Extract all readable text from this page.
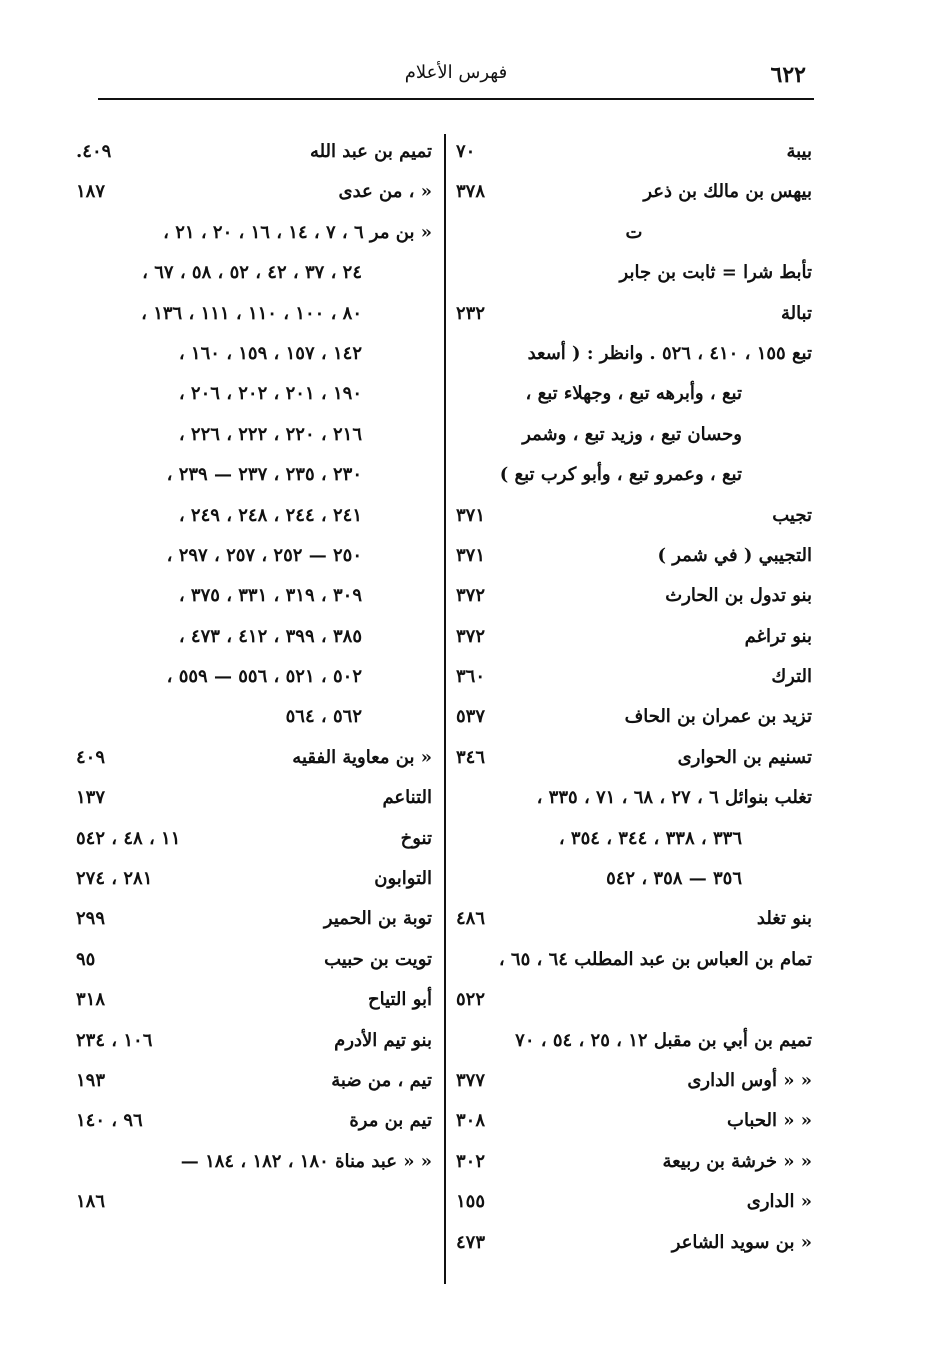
٦٢٢
فهرس الأعلام
بيبة
٧٠
بيهس بن مالك بن ذعر
٣٧٨
ت
تأبط شرا = ثابت بن جابر
تبالة
٢٣٢
تبع ١٥٥ ، ٤١٠ ، ٥٢٦ . وانظر : ( أسعد
تبع ، وأبرهه تبع ، وجهلاء تبع ،
وحسان تبع ، وزيد تبع ، وشمر
تبع ، وعمرو تبع ، وأبو كرب تبع )
تجيب
٣٧١
التجيبي ( في شمر )
٣٧١
بنو تدول بن الحارث
٣٧٢
بنو تراغم
٣٧٢
الترك
٣٦٠
تزيد بن عمران بن الحاف
٥٣٧
تسنيم بن الحوارى
٣٤٦
تغلب بنوائل ٦ ، ٢٧ ، ٦٨ ، ٧١ ، ٣٣٥ ،
٣٣٦ ، ٣٣٨ ، ٣٤٤ ، ٣٥٤ ،
٣٥٦ — ٣٥٨ ، ٥٤٢
بنو تغلد
٤٨٦
تمام بن العباس بن عبد المطلب ٦٤ ، ٦٥ ،
٥٢٢
تميم بن أبي بن مقبل ١٢ ، ٢٥ ، ٥٤ ، ٧٠
« « أوس الدارى
٣٧٧
« « الحباب
٣٠٨
« « خرشة بن ربيعة
٣٠٢
« الدارى
١٥٥
« بن سويد الشاعر
٤٧٣
تميم بن عبد الله
٤٠٩.
« ، من عدى
١٨٧
« بن مر ٦ ، ٧ ، ١٤ ، ١٦ ، ٢٠ ، ٢١ ،
٢٤ ، ٣٧ ، ٤٢ ، ٥٢ ، ٥٨ ، ٦٧ ،
٨٠ ، ١٠٠ ، ١١٠ ، ١١١ ، ١٣٦ ،
١٤٢ ، ١٥٧ ، ١٥٩ ، ١٦٠ ،
١٩٠ ، ٢٠١ ، ٢٠٢ ، ٢٠٦ ،
٢١٦ ، ٢٢٠ ، ٢٢٢ ، ٢٢٦ ،
٢٣٠ ، ٢٣٥ ، ٢٣٧ — ٢٣٩ ،
٢٤١ ، ٢٤٤ ، ٢٤٨ ، ٢٤٩ ،
٢٥٠ — ٢٥٢ ، ٢٥٧ ، ٢٩٧ ،
٣٠٩ ، ٣١٩ ، ٣٣١ ، ٣٧٥ ،
٣٨٥ ، ٣٩٩ ، ٤١٢ ، ٤٧٣ ،
٥٠٢ ، ٥٢١ ، ٥٥٦ — ٥٥٩ ،
٥٦٢ ، ٥٦٤
« بن معاوية الفقيه
٤٠٩
التناعم
١٣٧
تنوخ
١١ ، ٤٨ ، ٥٤٢
التوابون
٢٨١ ، ٢٧٤
توبة بن الحمير
٢٩٩
تويت بن حبيب
٩٥
أبو التياح
٣١٨
بنو تيم الأدرم
١٠٦ ، ٢٣٤
تيم ، من ضبة
١٩٣
تيم بن مرة
٩٦ ، ١٤٠
« « عبد مناة ١٨٠ ، ١٨٢ ، ١٨٤ —
١٨٦
